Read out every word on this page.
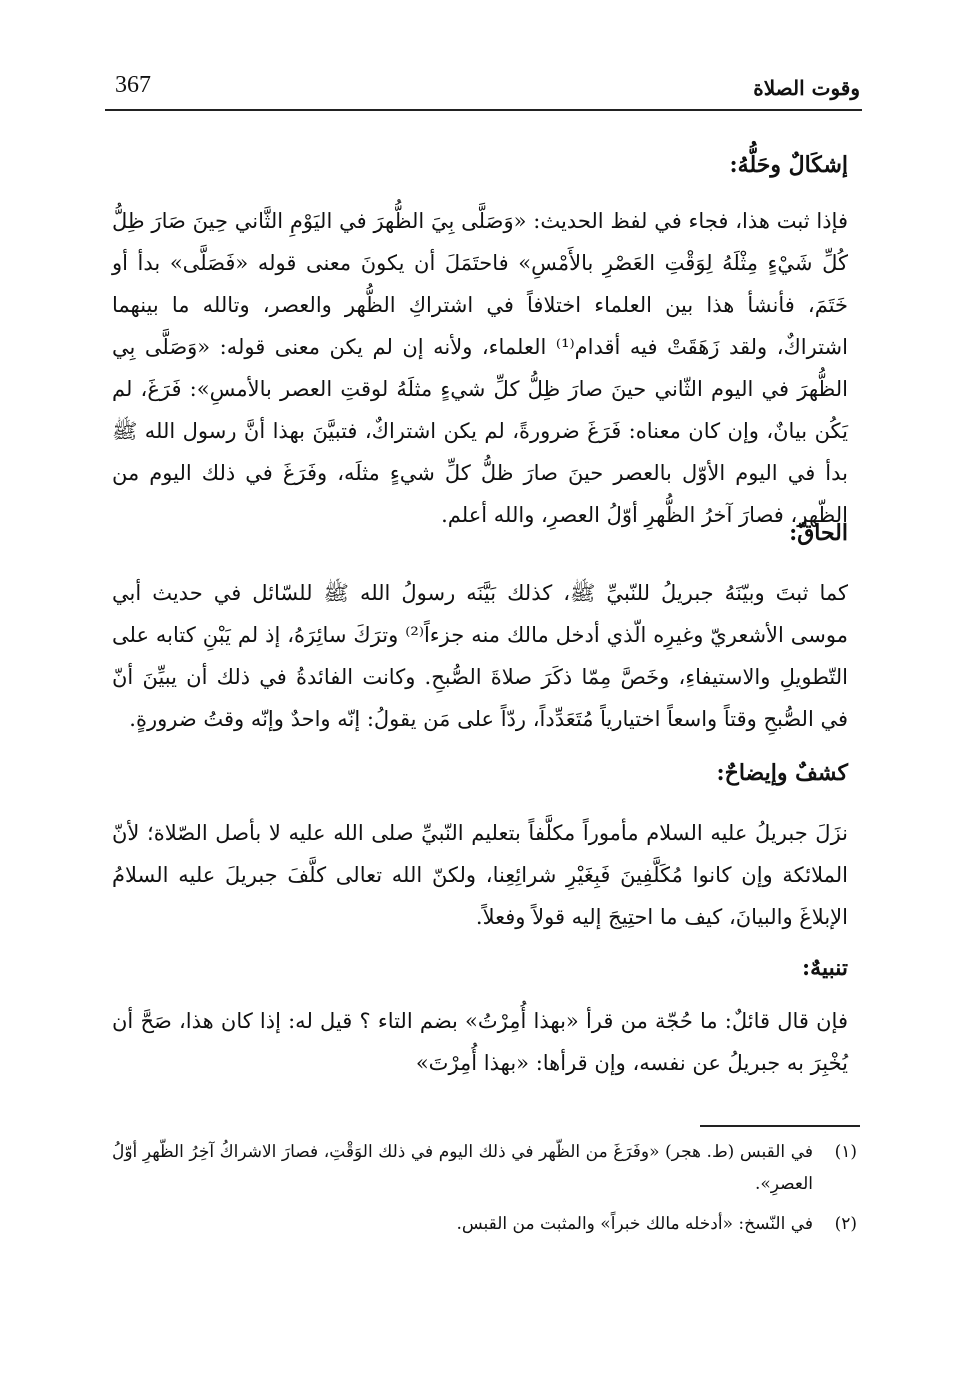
367	وقوت الصلاة

إشكَالٌ وحَلُّهُ:

فإذا ثبت هذا، فجاء في لفظ الحديث: «وَصَلَّى بِيَ الظُّهرَ في اليَوْمِ الثَّاني حِينَ صَارَ ظِلُّ كُلِّ شَيْءٍ مِثْلَهُ لِوَقْتِ العَصْرِ بالأَمْسِ» فاحتَمَلَ أن يكونَ معنى قوله «فَصَلَّى» بدأ أو خَتَمَ، فأنشأ هذا بين العلماء اختلافاً في اشتراكِ الظُّهر والعصر، وتالله ما بينهما اشتراكٌ، ولقد زَهَقَتْ فيه أقدام⁽¹⁾ العلماء، ولأنه إن لم يكن معنى قوله: «وَصَلَّى بِي الظُّهرَ في اليوم الثّاني حينَ صارَ ظِلُّ كلِّ شيءٍ مثلَهُ لوقتِ العصر بالأمسِ»: فَرَغَ، لم يَكُن بيانٌ، وإن كان معناه: فَرَغَ ضرورةً، لم يكن اشتراكٌ، فتبيَّنَ بهذا أنَّ رسول الله ﷺ بدأ في اليوم الأوّل بالعصر حينَ صارَ ظلُّ كلِّ شيءٍ مثلَه، وفَرَغَ في ذلك اليوم من الظّهر، فصارَ آخرُ الظُّهرِ أوّلُ العصرِ، والله أعلم.

الحاقّ:

كما ثبتَ وبيّنَهُ جبريلُ للنّبيِّ ﷺ، كذلك بَيَّنَه رسولُ الله ﷺ للسّائل في حديث أبي موسى الأشعريّ وغيرِه الّذي أدخل مالك منه جزءاً⁽²⁾ وترَكَ سائِرَهُ، إذ لم يَبْنِ كتابه على التّطويلِ والاستيفاءِ، وخَصَّ مِمّا ذكَرَ صلاةَ الصُّبحِ. وكانت الفائدةُ في ذلك أن يبيِّنَ أنّ في الصُّبحِ وقتاً واسعاً اختيارياً مُتَعَدِّداً، ردّاً على مَن يقولُ: إنّه واحدٌ وإنّه وقتُ ضرورةٍ.

كشفٌ وإيضاحٌ:

نزَلَ جبريلُ عليه السلام مأموراً مكلَّفاً بتعليم النّبيِّ صلى الله عليه لا بأصل الصّلاة؛ لأنّ الملائكة وإن كانوا مُكَلَّفِينَ فَبِغَيْرِ شرائِعِنا، ولكنّ الله تعالى كلَّفَ جبريلَ عليه السلامُ الإبلاغَ والبيانَ، كيف ما احتِيجَ إليه قولاً وفعلاً.

تنبيهٌ:

فإن قال قائلٌ: ما حُجّة من قرأ «بهذا أُمِرْتُ» بضم التاء ؟ قيل له: إذا كان هذا، صَحَّ أن يُخْبِرَ به جبريلُ عن نفسه، وإن قرأها: «بهذا أُمِرْتَ»

(١)
في القبس (ط. هجر) «وفَرَغَ من الظّهر في ذلك اليوم في ذلك الوَقْتِ، فصارَ الاشراكُ آخِرُ الظّهرِ أوّلُ العصرِ».
(٢)
في النّسخ: «أدخله مالك خبراً» والمثبت من القبس.
